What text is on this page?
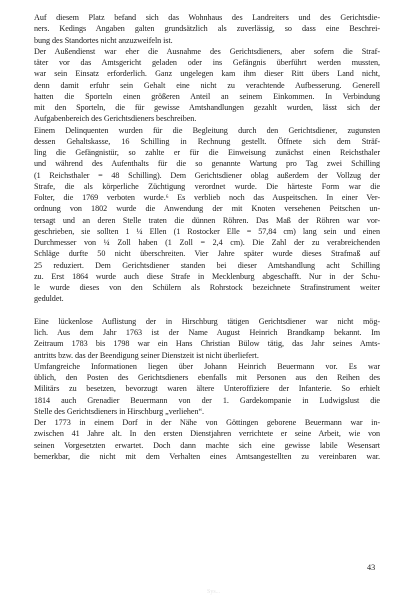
Auf diesem Platz befand sich das Wohnhaus des Landreiters und des Gerichtsdie-
ners. Kedings Angaben galten grundsätzlich als zuverlässig, so dass eine Beschrei-
bung des Standortes nicht anzuzweifeln ist.
Der Außendienst war eher die Ausnahme des Gerichtsdieners, aber sofern die Straf-
täter vor das Amtsgericht geladen oder ins Gefängnis überführt werden mussten,
war sein Einsatz erforderlich. Ganz ungelegen kam ihm dieser Ritt übers Land nicht,
denn damit erfuhr sein Gehalt eine nicht zu verachtende Aufbesserung. Generell
hatten die Sporteln einen größeren Anteil an seinem Einkommen. In Verbindung
mit den Sporteln, die für gewisse Amtshandlungen gezahlt wurden, lässt sich der
Aufgabenbereich des Gerichtsdieners beschreiben.
Einem Delinquenten wurden für die Begleitung durch den Gerichtsdiener, zugunsten
dessen Gehaltskasse, 16 Schilling in Rechnung gestellt. Öffnete sich dem Sträf-
ling die Gefängnistür, so zahlte er für die Einweisung zunächst einen Reichsthaler
und während des Aufenthalts für die so genannte Wartung pro Tag zwei Schilling
(1 Reichsthaler = 48 Schilling). Dem Gerichtsdiener oblag außerdem der Vollzug der
Strafe, die als körperliche Züchtigung verordnet wurde. Die härteste Form war die
Folter, die 1769 verboten wurde.⁶ Es verblieb noch das Auspeitschen. In einer Ver-
ordnung von 1802 wurde die Anwendung der mit Knoten versehenen Peitschen un-
tersagt und an deren Stelle traten die dünnen Röhren. Das Maß der Röhren war vor-
geschrieben, sie sollten 1 ¼ Ellen (1 Rostocker Elle = 57,84 cm) lang sein und einen
Durchmesser von ¼ Zoll haben (1 Zoll = 2,4 cm). Die Zahl der zu verabreichenden
Schläge durfte 50 nicht überschreiten. Vier Jahre später wurde dieses Strafmaß auf
25 reduziert. Dem Gerichtsdiener standen bei dieser Amtshandlung acht Schilling
zu. Erst 1864 wurde auch diese Strafe in Mecklenburg abgeschafft. Nur in der Schu-
le wurde dieses von den Schülern als Rohrstock bezeichnete Strafinstrument weiter
geduldet.
Eine lückenlose Auflistung der in Hirschburg tätigen Gerichtsdiener war nicht mög-
lich. Aus dem Jahr 1763 ist der Name August Heinrich Brandkamp bekannt. Im
Zeitraum 1783 bis 1798 war ein Hans Christian Bülow tätig, das Jahr seines Amts-
antritts bzw. das der Beendigung seiner Dienstzeit ist nicht überliefert.
Umfangreiche Informationen liegen über Johann Heinrich Beuermann vor. Es war
üblich, den Posten des Gerichtsdieners ebenfalls mit Personen aus den Reihen des
Militärs zu besetzen, bevorzugt waren ältere Unteroffiziere der Infanterie. So erhielt
1814 auch Grenadier Beuermann von der 1. Gardekompanie in Ludwigslust die
Stelle des Gerichtsdieners in Hirschburg „verliehen“.
Der 1773 in einem Dorf in der Nähe von Göttingen geborene Beuermann war in-
zwischen 41 Jahre alt. In den ersten Dienstjahren verrichtete er seine Arbeit, wie von
seinen Vorgesetzten erwartet. Doch dann machte sich eine gewisse labile Wesensart
bemerkbar, die nicht mit dem Verhalten eines Amtsangestellten zu vereinbaren war.
43
Sys...
